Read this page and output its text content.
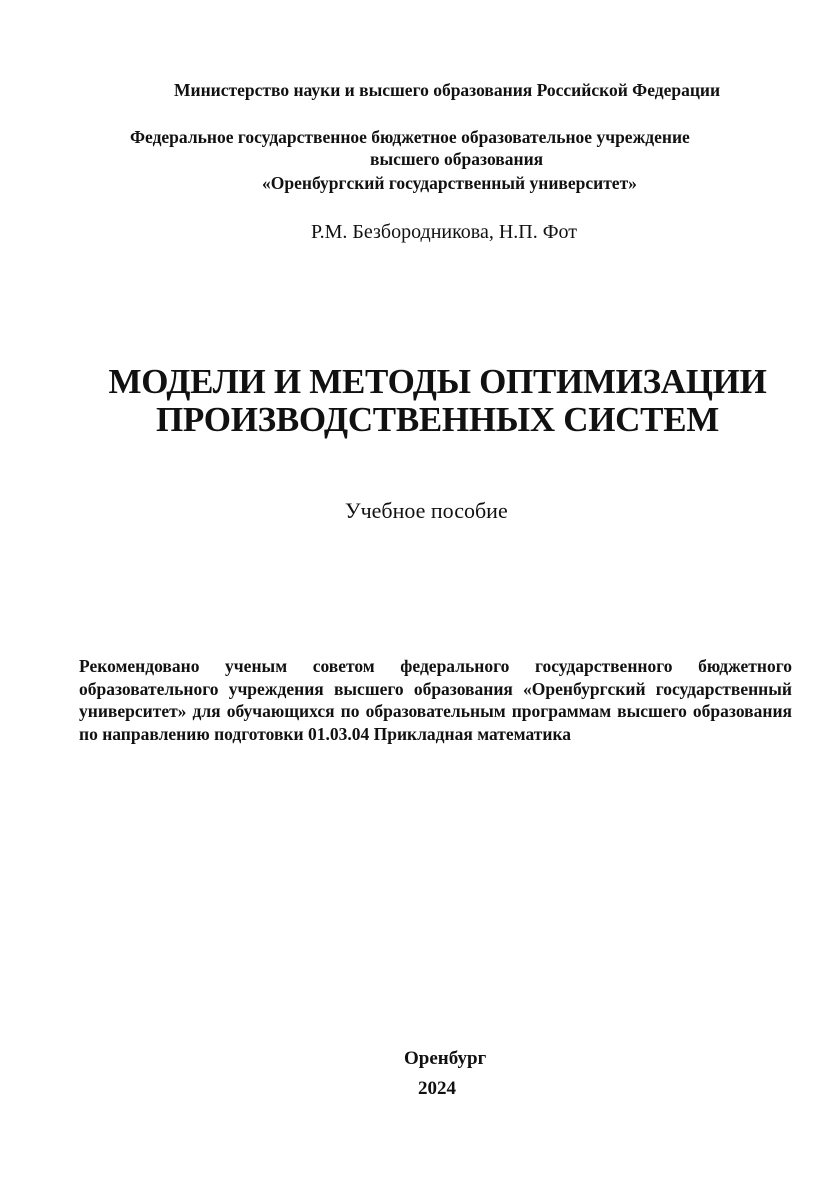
Министерство науки и высшего образования Российской Федерации
Федеральное государственное бюджетное образовательное учреждение
высшего образования
«Оренбургский государственный университет»
Р.М. Безбородникова, Н.П. Фот
МОДЕЛИ И МЕТОДЫ ОПТИМИЗАЦИИ
ПРОИЗВОДСТВЕННЫХ СИСТЕМ
Учебное пособие
Рекомендовано ученым советом федерального государственного бюджетного образовательного учреждения высшего образования «Оренбургский государственный университет» для обучающихся по образовательным программам высшего образования по направлению подготовки 01.03.04 Прикладная математика
Оренбург
2024
